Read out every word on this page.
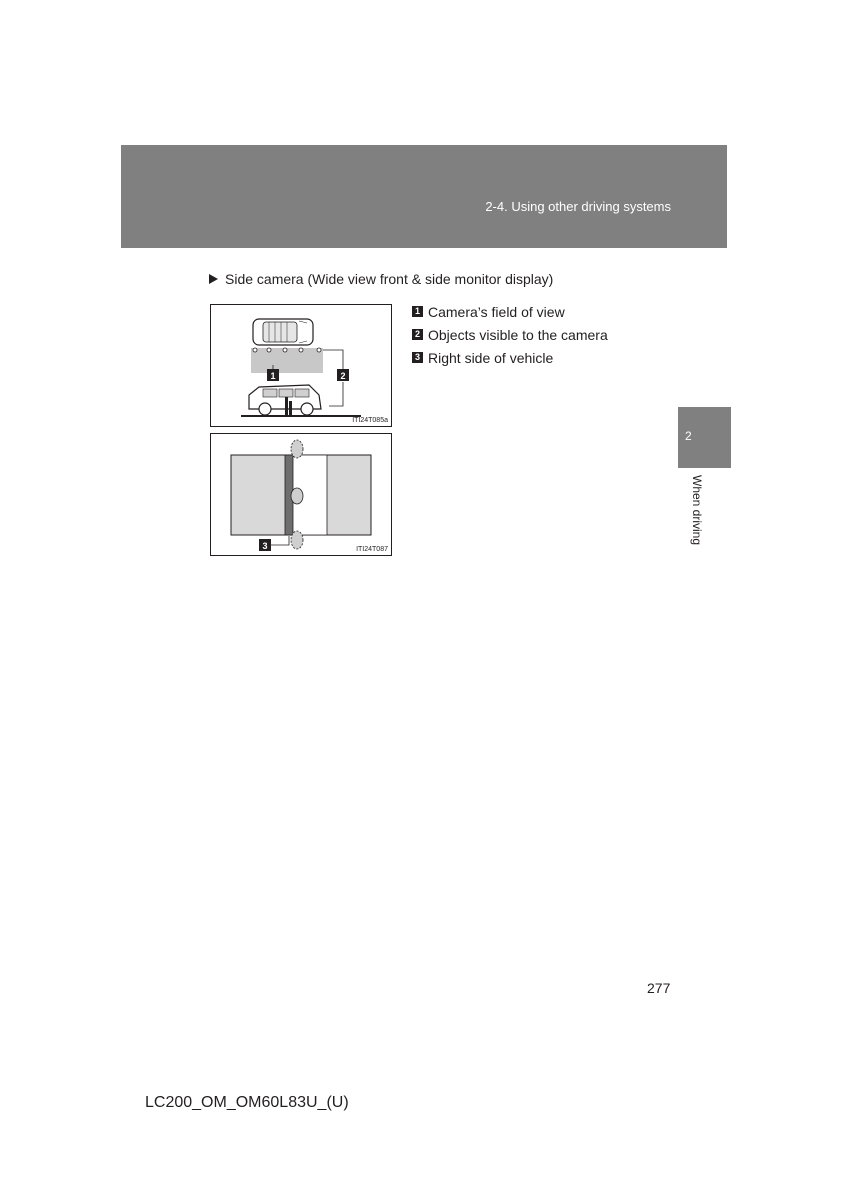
2-4. Using other driving systems
Side camera (Wide view front & side monitor display)
1	2
ITI24T085a
3	ITI24T087
1 Camera’s field of view
2 Objects visible to the camera
3 Right side of vehicle
2
When driving
277
LC200_OM_OM60L83U_(U)
